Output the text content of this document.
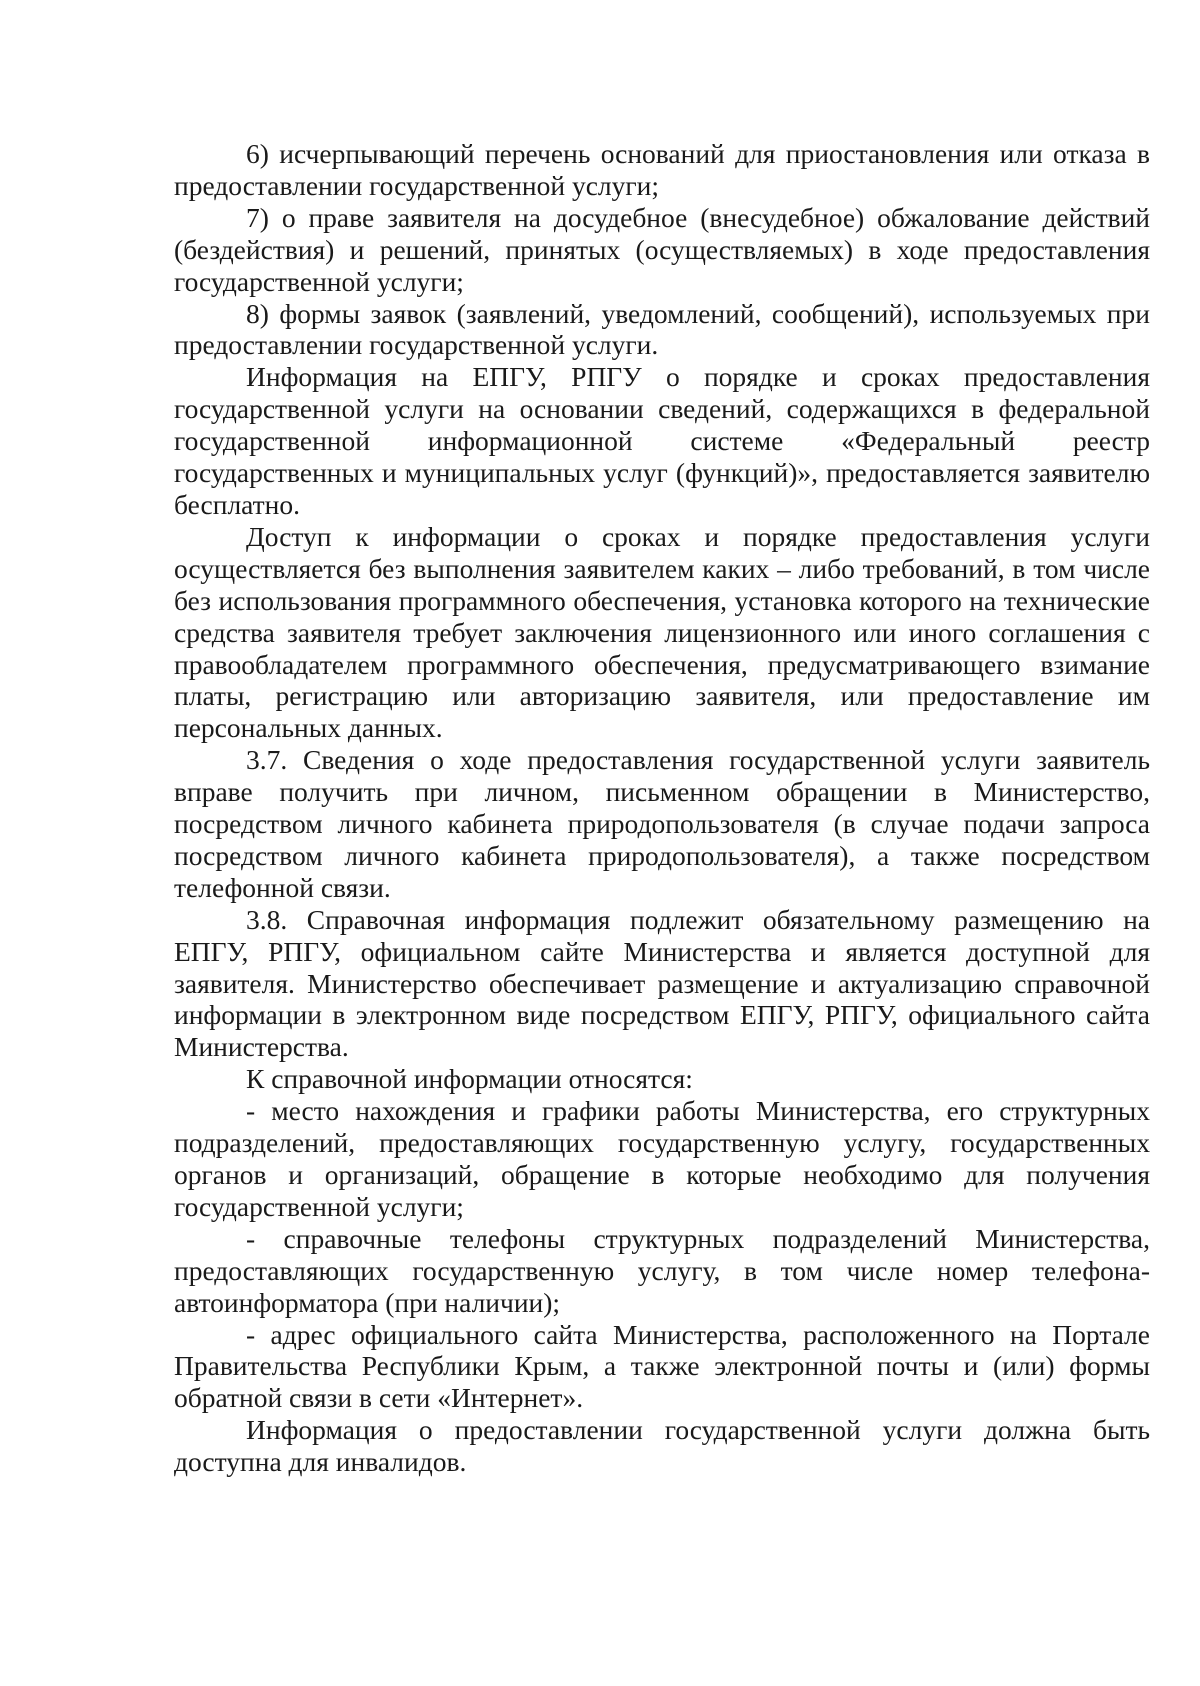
6) исчерпывающий перечень оснований для приостановления или отказа в предоставлении государственной услуги;

7) о праве заявителя на досудебное (внесудебное) обжалование действий (бездействия) и решений, принятых (осуществляемых) в ходе предоставления государственной услуги;

8) формы заявок (заявлений, уведомлений, сообщений), используемых при предоставлении государственной услуги.

Информация на ЕПГУ, РПГУ о порядке и сроках предоставления государственной услуги на основании сведений, содержащихся в федеральной государственной информационной системе «Федеральный реестр государственных и муниципальных услуг (функций)», предоставляется заявителю бесплатно.

Доступ к информации о сроках и порядке предоставления услуги осуществляется без выполнения заявителем каких – либо требований, в том числе без использования программного обеспечения, установка которого на технические средства заявителя требует заключения лицензионного или иного соглашения с правообладателем программного обеспечения, предусматривающего взимание платы, регистрацию или авторизацию заявителя, или предоставление им персональных данных.

3.7. Сведения о ходе предоставления государственной услуги заявитель вправе получить при личном, письменном обращении в Министерство, посредством личного кабинета природопользователя (в случае подачи запроса посредством личного кабинета природопользователя), а также посредством телефонной связи.

3.8. Справочная информация подлежит обязательному размещению на ЕПГУ, РПГУ, официальном сайте Министерства и является доступной для заявителя. Министерство обеспечивает размещение и актуализацию справочной информации в электронном виде посредством ЕПГУ, РПГУ, официального сайта Министерства.

К справочной информации относятся:

- место нахождения и графики работы Министерства, его структурных подразделений, предоставляющих государственную услугу, государственных органов и организаций, обращение в которые необходимо для получения государственной услуги;

- справочные телефоны структурных подразделений Министерства, предоставляющих государственную услугу, в том числе номер телефона-автоинформатора (при наличии);

- адрес официального сайта Министерства, расположенного на Портале Правительства Республики Крым, а также электронной почты и (или) формы обратной связи в сети «Интернет».

Информация о предоставлении государственной услуги должна быть доступна для инвалидов.
